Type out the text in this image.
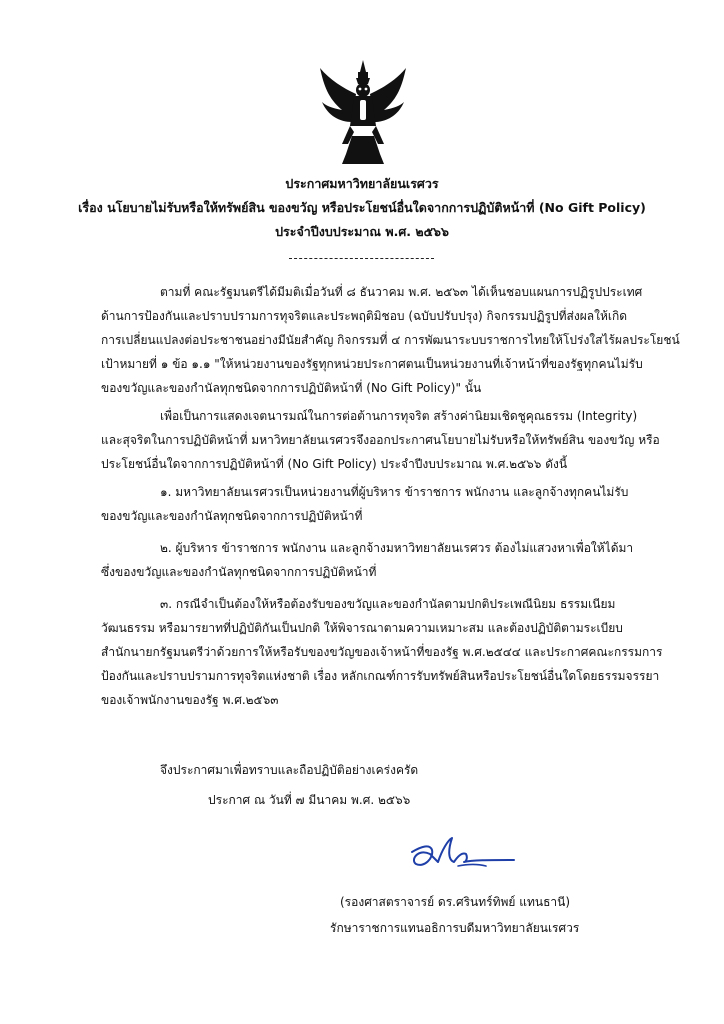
ประกาศมหาวิทยาลัยนเรศวร
เรื่อง นโยบายไม่รับหรือให้ทรัพย์สิน ของขวัญ หรือประโยชน์อื่นใดจากการปฏิบัติหน้าที่ (No Gift Policy)
ประจำปีงบประมาณ พ.ศ. ๒๕๖๖
ตามที่ คณะรัฐมนตรีได้มีมติเมื่อวันที่ ๘ ธันวาคม พ.ศ. ๒๕๖๓ ได้เห็นชอบแผนการปฏิรูปประเทศ
ด้านการป้องกันและปราบปรามการทุจริตและประพฤติมิชอบ (ฉบับปรับปรุง) กิจกรรมปฏิรูปที่ส่งผลให้เกิด
การเปลี่ยนแปลงต่อประชาชนอย่างมีนัยสำคัญ กิจกรรมที่ ๔ การพัฒนาระบบราชการไทยให้โปร่งใสไร้ผลประโยชน์
เป้าหมายที่ ๑ ข้อ ๑.๑ "ให้หน่วยงานของรัฐทุกหน่วยประกาศตนเป็นหน่วยงานที่เจ้าหน้าที่ของรัฐทุกคนไม่รับ
ของขวัญและของกำนัลทุกชนิดจากการปฏิบัติหน้าที่ (No Gift Policy)" นั้น
เพื่อเป็นการแสดงเจตนารมณ์ในการต่อต้านการทุจริต สร้างค่านิยมเชิดชูคุณธรรม (Integrity)
และสุจริตในการปฏิบัติหน้าที่ มหาวิทยาลัยนเรศวรจึงออกประกาศนโยบายไม่รับหรือให้ทรัพย์สิน ของขวัญ หรือ
ประโยชน์อื่นใดจากการปฏิบัติหน้าที่ (No Gift Policy) ประจำปีงบประมาณ พ.ศ.๒๕๖๖ ดังนี้
๑. มหาวิทยาลัยนเรศวรเป็นหน่วยงานที่ผู้บริหาร ข้าราชการ พนักงาน และลูกจ้างทุกคนไม่รับ
ของขวัญและของกำนัลทุกชนิดจากการปฏิบัติหน้าที่
๒. ผู้บริหาร ข้าราชการ พนักงาน และลูกจ้างมหาวิทยาลัยนเรศวร ต้องไม่แสวงหาเพื่อให้ได้มา
ซึ่งของขวัญและของกำนัลทุกชนิดจากการปฏิบัติหน้าที่
๓. กรณีจำเป็นต้องให้หรือต้องรับของขวัญและของกำนัลตามปกติประเพณีนิยม ธรรมเนียม
วัฒนธรรม หรือมารยาทที่ปฏิบัติกันเป็นปกติ ให้พิจารณาตามความเหมาะสม และต้องปฏิบัติตามระเบียบ
สำนักนายกรัฐมนตรีว่าด้วยการให้หรือรับของขวัญของเจ้าหน้าที่ของรัฐ พ.ศ.๒๕๔๔ และประกาศคณะกรรมการ
ป้องกันและปราบปรามการทุจริตแห่งชาติ เรื่อง หลักเกณฑ์การรับทรัพย์สินหรือประโยชน์อื่นใดโดยธรรมจรรยา
ของเจ้าพนักงานของรัฐ พ.ศ.๒๕๖๓
จึงประกาศมาเพื่อทราบและถือปฏิบัติอย่างเคร่งครัด
ประกาศ ณ วันที่ ๗ มีนาคม พ.ศ. ๒๕๖๖
(รองศาสตราจารย์ ดร.ศรินทร์ทิพย์ แทนธานี)
รักษาราชการแทนอธิการบดีมหาวิทยาลัยนเรศวร
